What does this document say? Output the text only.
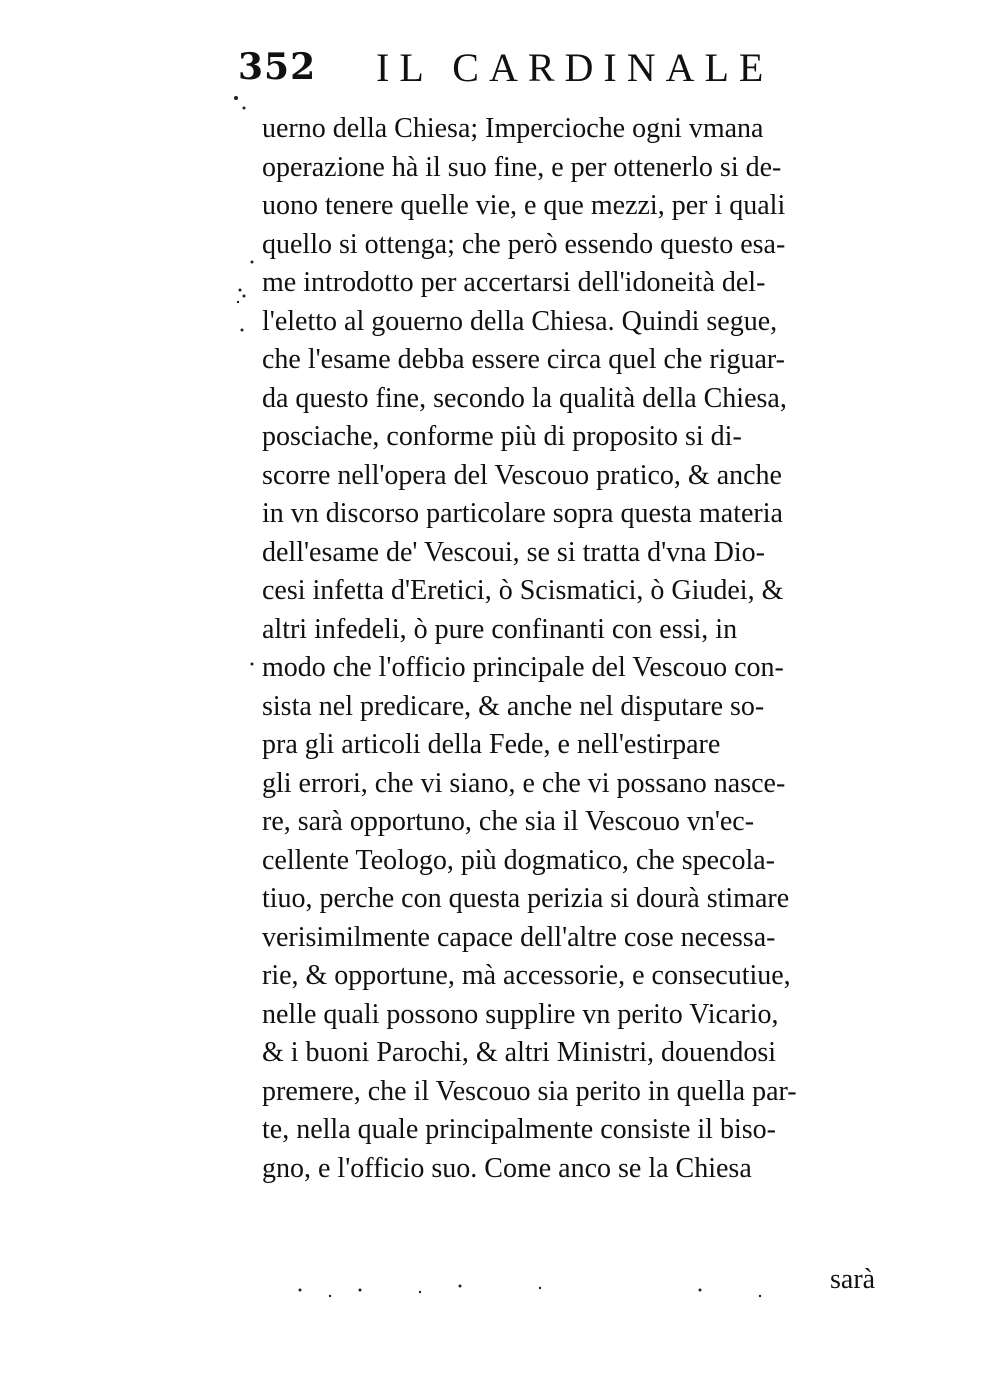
352 IL CARDINALE
uerno della Chiesa; Imperciochе ogni vmana
operazione hà il suo fine, e per ottenerlo si de-
uono tenere quelle vie, e que mezzi, per i quali
quello si ottenga; che però essendo questo esa-
me introdotto per accertarsi dell'idoneità del-
l'eletto al gouerno della Chiesa. Quindi segue,
che l'esame debba essere circa quel che riguar-
da questo fine, secondo la qualità della Chiesa,
posciache, conforme più di proposito si di-
scorre nell'opera del Vescouo pratico, & anche
in vn discorso particolare sopra questa materia
dell'esame de' Vescoui, se si tratta d'vna Dio-
cesi infetta d'Eretici, ò Scismatici, ò Giudei, &
altri infedeli, ò pure confinanti con essi, in
modo che l'officio principale del Vescouo con-
sista nel predicare, & anche nel disputare so-
pra gli articoli della Fede, e nell'estirpare
gli errori, che vi siano, e che vi possano nasce-
re, sarà opportuno, che sia il Vescouo vn'ec-
cellente Teologo, più dogmatico, che specola-
tiuo, perche con questa perizia si dourà stimare
verisimilmente capace dell'altre cose necessa-
rie, & opportune, mà accessorie, e consecutiue,
nelle quali possono supplire vn perito Vicario,
& i buoni Parochi, & altri Ministri, douendosi
premere, che il Vescouo sia perito in quella par-
te, nella quale principalmente consiste il biso-
gno, e l'officio suo. Come anco se la Chiesa
sarà
